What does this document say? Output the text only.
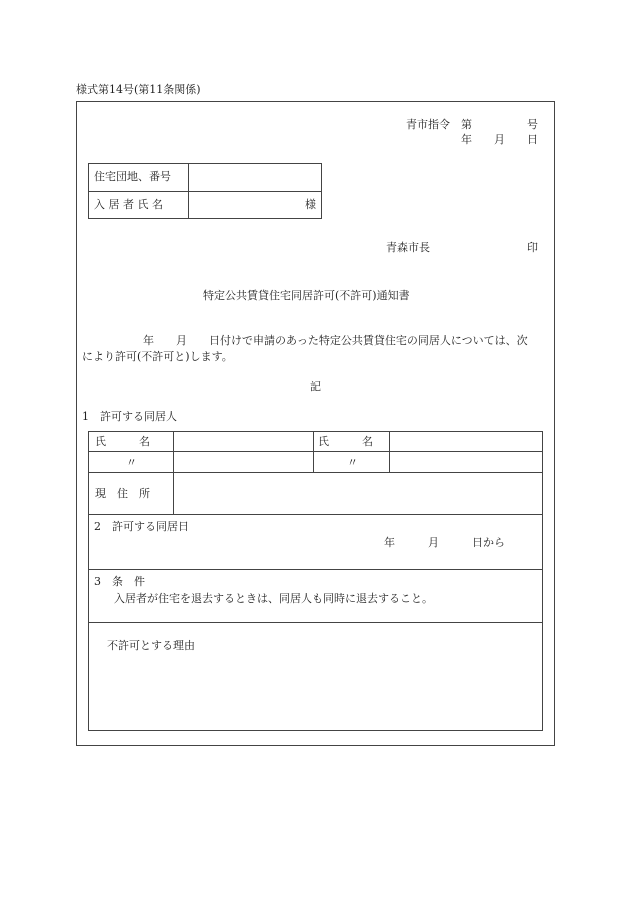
様式第14号(第11条関係)
青市指令　第　　　　　号
年　　月　　日
住宅団地、番号
入 居 者 氏 名	様
青森市長	印
特定公共賃貸住宅同居許可(不許可)通知書
年　　月　　日付けで申請のあった特定公共賃貸住宅の同居人については、次
により許可(不許可と)します。
記
1　許可する同居人
氏　　　名	氏　　　名
〃	〃
現　住　所
2　許可する同居日
年　　　月　　　日から
3　条　件
入居者が住宅を退去するときは、同居人も同時に退去すること。
不許可とする理由
